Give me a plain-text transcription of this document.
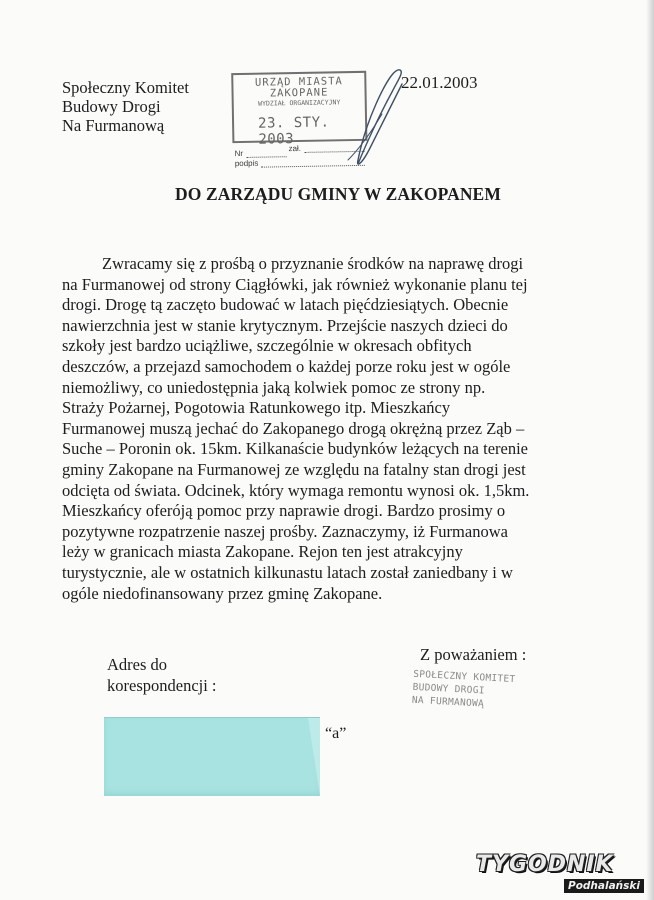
Społeczny Komitet
Budowy Drogi
Na Furmanową
URZĄD MIASTA
ZAKOPANE
WYDZIAŁ ORGANIZACYJNY
23. STY. 2003
Nr
zał.
podpis
22.01.2003
DO ZARZĄDU GMINY W ZAKOPANEM
Zwracamy się z prośbą o przyznanie środków na naprawę drogi
na Furmanowej od strony Ciągłówki, jak również wykonanie planu tej
drogi. Drogę tą zaczęto budować w latach pięćdziesiątych. Obecnie
nawierzchnia jest w stanie krytycznym. Przejście naszych dzieci do
szkoły jest bardzo uciążliwe, szczególnie w okresach obfitych
deszczów, a przejazd samochodem o każdej porze roku jest w ogóle
niemożliwy, co uniedostępnia jaką kolwiek pomoc ze strony np.
Straży Pożarnej, Pogotowia Ratunkowego itp. Mieszkańcy
Furmanowej muszą jechać do Zakopanego drogą okrężną przez Ząb –
Suche – Poronin ok. 15km. Kilkanaście budynków leżących na terenie
gminy Zakopane na Furmanowej ze względu na fatalny stan drogi jest
odcięta od świata. Odcinek, który wymaga remontu wynosi ok. 1,5km.
Mieszkańcy oferóją pomoc przy naprawie drogi. Bardzo prosimy o
pozytywne rozpatrzenie naszej prośby. Zaznaczymy, iż Furmanowa
leży w granicach miasta Zakopane. Rejon ten jest atrakcyjny
turystycznie, ale w ostatnich kilkunastu latach został zaniedbany i w
ogóle niedofinansowany przez gminę Zakopane.
Adres do
korespondencji :
Z poważaniem :
SPOŁECZNY KOMITET
BUDOWY DROGI
NA FURMANOWĄ
“a”
TYGODNIK
Podhalański
